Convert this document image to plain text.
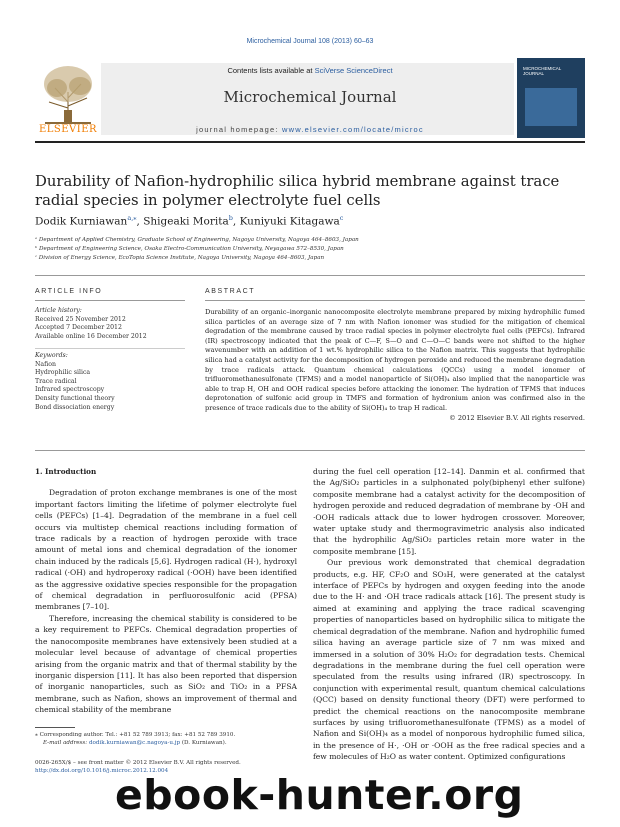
Microchemical Journal 108 (2013) 60–63
ELSEVIER
Contents lists available at SciVerse ScienceDirect
Microchemical Journal
journal homepage: www.elsevier.com/locate/microc
MICROCHEMICAL JOURNAL
Durability of Nafion-hydrophilic silica hybrid membrane against trace radial species in polymer electrolyte fuel cells
Dodik Kurniawan$^{a,⁎}$, Shigeaki Morita$^b$, Kuniyuki Kitagawa$^c$
ᵃ Department of Applied Chemistry, Graduate School of Engineering, Nagoya University, Nagoya 464–8603, Japan
ᵇ Department of Engineering Science, Osaka Electro-Communication University, Neyagawa 572–8530, Japan
ᶜ Division of Energy Science, EcoTopia Science Institute, Nagoya University, Nagoya 464–8603, Japan
ARTICLE INFO
Article history:
Received 25 November 2012
Accepted 7 December 2012
Available online 16 December 2012
Keywords:
Nafion
Hydrophilic silica
Trace radical
Infrared spectroscopy
Density functional theory
Bond dissociation energy
ABSTRACT
Durability of an organic–inorganic nanocomposite electrolyte membrane prepared by mixing hydrophilic fumed silica particles of an average size of 7 nm with Nafion ionomer was studied for the mitigation of chemical degradation of the membrane caused by trace radial species in polymer electrolyte fuel cells (PEFCs). Infrared (IR) spectroscopy indicated that the peak of C—F, S—O and C—O—C bands were not shifted to the higher wavenumber with an addition of 1 wt.% hydrophilic silica to the Nafion matrix. This suggests that hydrophilic silica had a catalyst activity for the decomposition of hydrogen peroxide and reduced the membrane degradation by trace radicals attack. Quantum chemical calculations (QCCs) using a model ionomer of trifluoromethanesulfonate (TFMS) and a model nanoparticle of Si(OH)₄ also implied that the nanoparticle was able to trap H, OH and OOH radical species before attacking the ionomer. The hydration of TFMS that induces deprotonation of sulfonic acid group in TMFS and formation of hydronium anion was confirmed also in the presence of trace radicals due to the ability of Si(OH)₄ to trap H radical.
© 2012 Elsevier B.V. All rights reserved.
1. Introduction
Degradation of proton exchange membranes is one of the most important factors limiting the lifetime of polymer electrolyte fuel cells (PEFCs) [1–4]. Degradation of the membrane in a fuel cell occurs via multistep chemical reactions including formation of trace radicals by a reaction of hydrogen peroxide with trace amount of metal ions and chemical degradation of the ionomer chain induced by the radicals [5,6]. Hydrogen radical (H·), hydroxyl radical (·OH) and hydroperoxy radical (·OOH) have been identified as the aggressive oxidative species responsible for the propagation of chemical degradation in perfluorosulfonic acid (PFSA) membranes [7–10].
Therefore, increasing the chemical stability is considered to be a key requirement to PEFCs. Chemical degradation properties of the nanocomposite membranes have extensively been studied at a molecular level because of advantage of chemical properties arising from the organic matrix and that of thermal stability by the inorganic dispersion [11]. It has also been reported that dispersion of inorganic nanoparticles, such as SiO₂ and TiO₂ in a PFSA membrane, such as Nafion, shows an improvement of thermal and chemical stability of the membrane
during the fuel cell operation [12–14]. Danmin et al. confirmed that the Ag/SiO₂ particles in a sulphonated poly(biphenyl ether sulfone) composite membrane had a catalyst activity for the decomposition of hydrogen peroxide and reduced degradation of membrane by ·OH and ·OOH radicals attack due to lower hydrogen crossover. Moreover, water uptake study and thermogravimetric analysis also indicated that the hydrophilic Ag/SiO₂ particles retain more water in the composite membrane [15].
Our previous work demonstrated that chemical degradation products, e.g. HF, CF₂O and SO₃H, were generated at the catalyst interface of PEFCs by hydrogen and oxygen feeding into the anode due to the H· and ·OH trace radicals attack [16]. The present study is aimed at examining and applying the trace radical scavenging properties of nanoparticles based on hydrophilic silica to mitigate the chemical degradation of the membrane. Nafion and hydrophilic fumed silica having an average particle size of 7 nm was mixed and immersed in a solution of 30% H₂O₂ for degradation tests. Chemical degradations in the membrane during the fuel cell operation were speculated from the results using infrared (IR) spectroscopy. In conjunction with experimental result, quantum chemical calculations (QCC) based on density functional theory (DFT) were performed to predict the chemical reactions on the nanocomposite membrane surfaces by using trifluoromethanesulfonate (TFMS) as a model of Nafion and Si(OH)₄ as a model of nonporous hydrophilic fumed silica, in the presence of H·, ·OH or ·OOH as the free radical species and a few molecules of H₂O as water content. Optimized configurations
⁎ Corresponding author. Tel.: +81 52 789 3913; fax: +81 52 789 3910.
E-mail address: dodik.kurniawan@c.nagoya-u.jp (D. Kurniawan).
0026-265X/$ – see front matter © 2012 Elsevier B.V. All rights reserved.
http://dx.doi.org/10.1016/j.microc.2012.12.004
ebook-hunter.org
